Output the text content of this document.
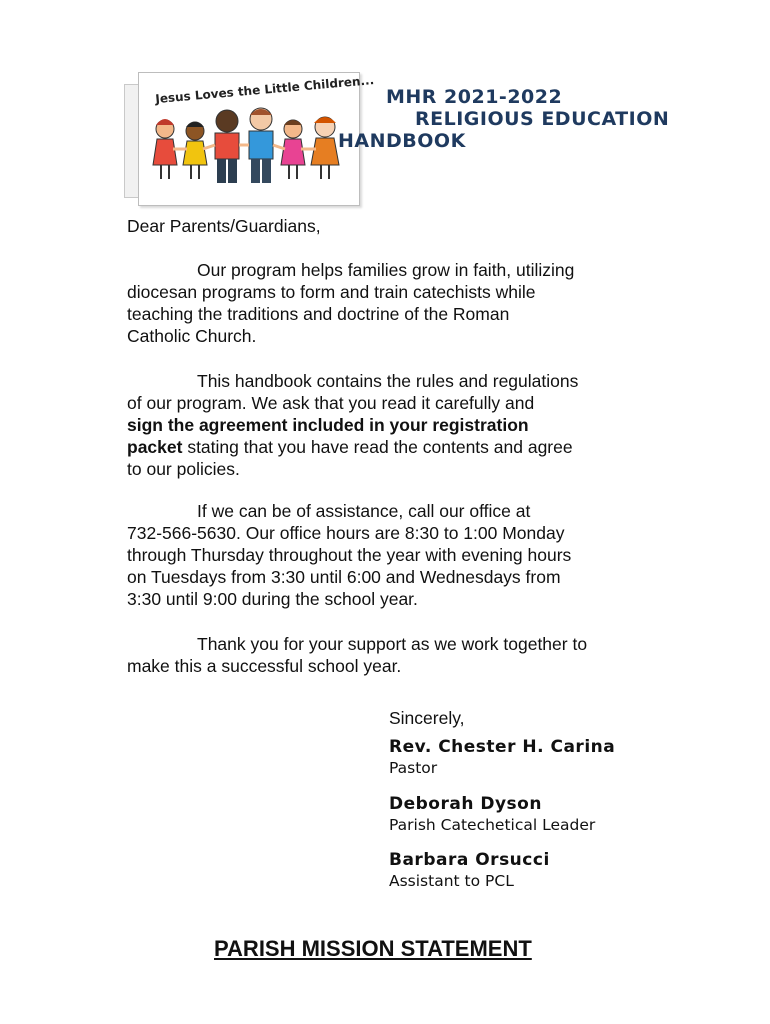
Jesus Loves the Little Children... MHR 2021-2022
RELIGIOUS EDUCATION
HANDBOOK
Dear Parents/Guardians,
Our program helps families grow in faith, utilizing
diocesan programs to form and train catechists while
teaching the traditions and doctrine of the Roman
Catholic Church.
This handbook contains the rules and regulations
of our program. We ask that you read it carefully and
sign the agreement included in your registration
packet stating that you have read the contents and agree
to our policies.
If we can be of assistance, call our office at
732-566-5630. Our office hours are 8:30 to 1:00 Monday
through Thursday throughout the year with evening hours
on Tuesdays from 3:30 until 6:00 and Wednesdays from
3:30 until 9:00 during the school year.
Thank you for your support as we work together to
make this a successful school year.
Sincerely,
Rev. Chester H. Carina
Pastor
Deborah Dyson
Parish Catechetical Leader
Barbara Orsucci
Assistant to PCL
PARISH MISSION STATEMENT
